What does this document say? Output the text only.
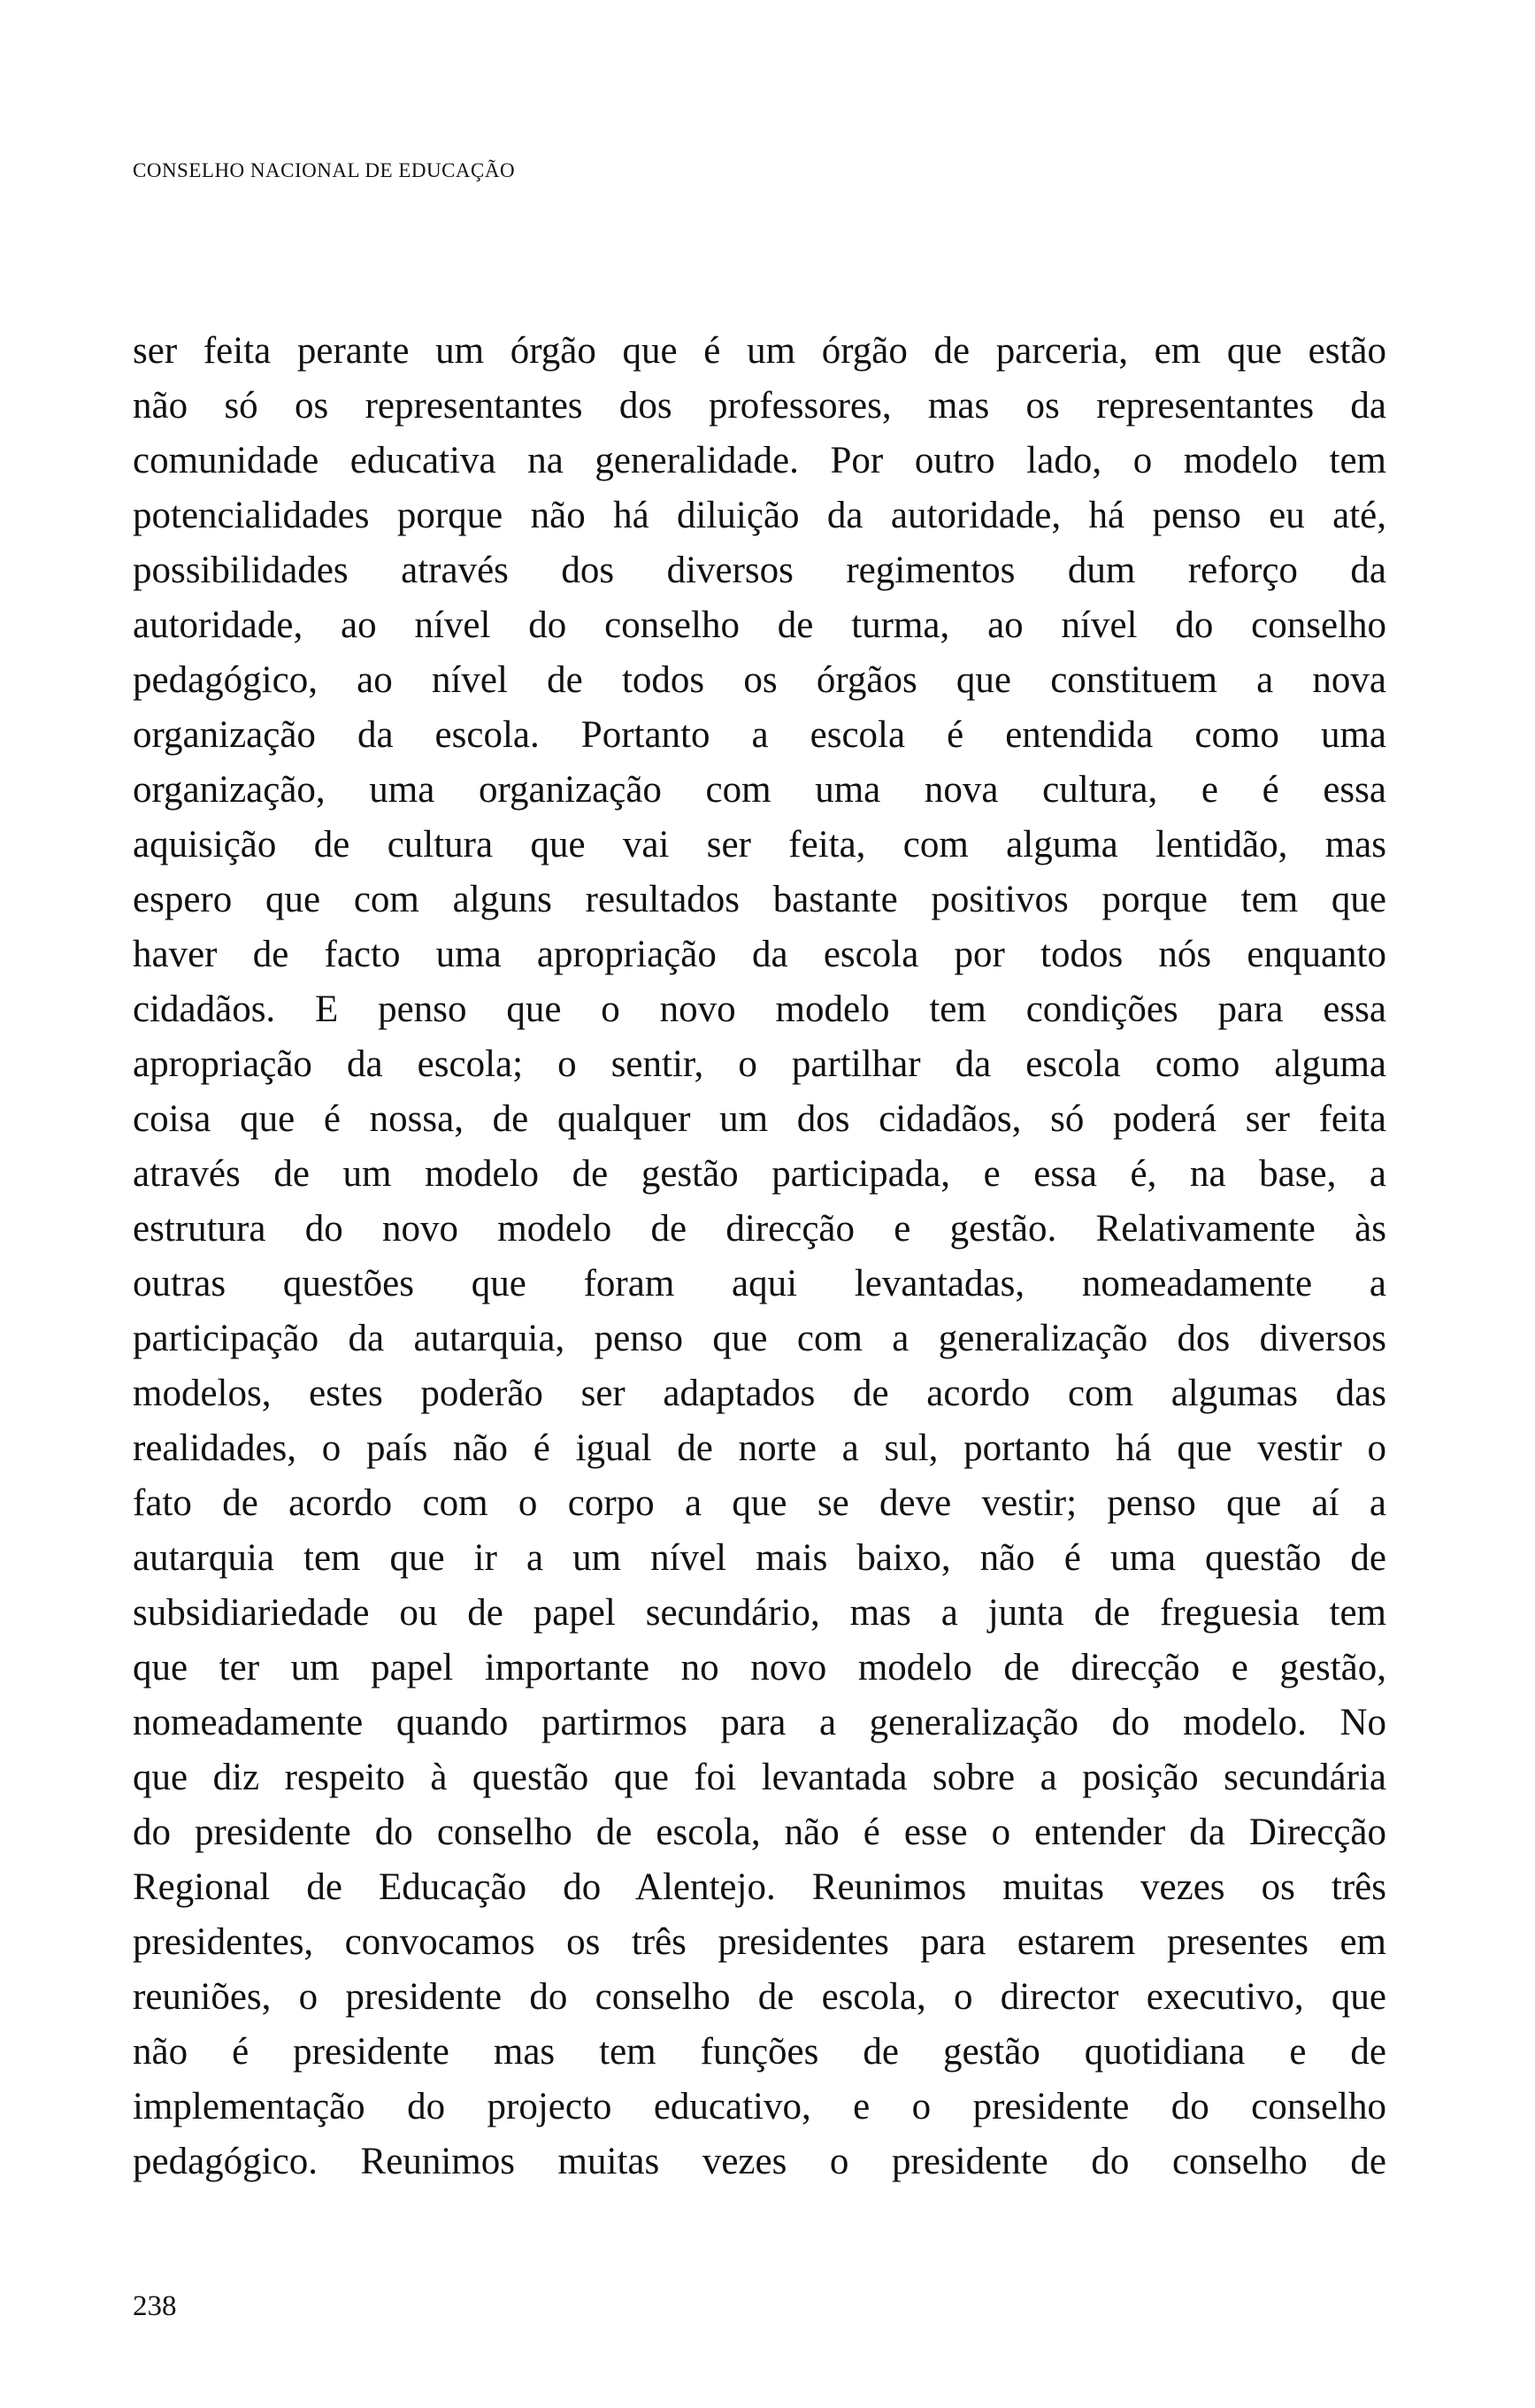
CONSELHO NACIONAL DE EDUCAÇÃO
ser feita perante um órgão que é um órgão de parceria, em que estão
não só os representantes dos professores, mas os representantes da
comunidade educativa na generalidade. Por outro lado, o modelo tem
potencialidades porque não há diluição da autoridade, há penso eu até,
possibilidades através dos diversos regimentos dum reforço da
autoridade, ao nível do conselho de turma, ao nível do conselho
pedagógico, ao nível de todos os órgãos que constituem a nova
organização da escola. Portanto a escola é entendida como uma
organização, uma organização com uma nova cultura, e é essa
aquisição de cultura que vai ser feita, com alguma lentidão, mas
espero que com alguns resultados bastante positivos porque tem que
haver de facto uma apropriação da escola por todos nós enquanto
cidadãos. E penso que o novo modelo tem condições para essa
apropriação da escola; o sentir, o partilhar da escola como alguma
coisa que é nossa, de qualquer um dos cidadãos, só poderá ser feita
através de um modelo de gestão participada, e essa é, na base, a
estrutura do novo modelo de direcção e gestão. Relativamente às
outras questões que foram aqui levantadas, nomeadamente a
participação da autarquia, penso que com a generalização dos diversos
modelos, estes poderão ser adaptados de acordo com algumas das
realidades, o país não é igual de norte a sul, portanto há que vestir o
fato de acordo com o corpo a que se deve vestir; penso que aí a
autarquia tem que ir a um nível mais baixo, não é uma questão de
subsidiariedade ou de papel secundário, mas a junta de freguesia tem
que ter um papel importante no novo modelo de direcção e gestão,
nomeadamente quando partirmos para a generalização do modelo. No
que diz respeito à questão que foi levantada sobre a posição secundária
do presidente do conselho de escola, não é esse o entender da Direcção
Regional de Educação do Alentejo. Reunimos muitas vezes os três
presidentes, convocamos os três presidentes para estarem presentes em
reuniões, o presidente do conselho de escola, o director executivo, que
não é presidente mas tem funções de gestão quotidiana e de
implementação do projecto educativo, e o presidente do conselho
pedagógico. Reunimos muitas vezes o presidente do conselho de
238
